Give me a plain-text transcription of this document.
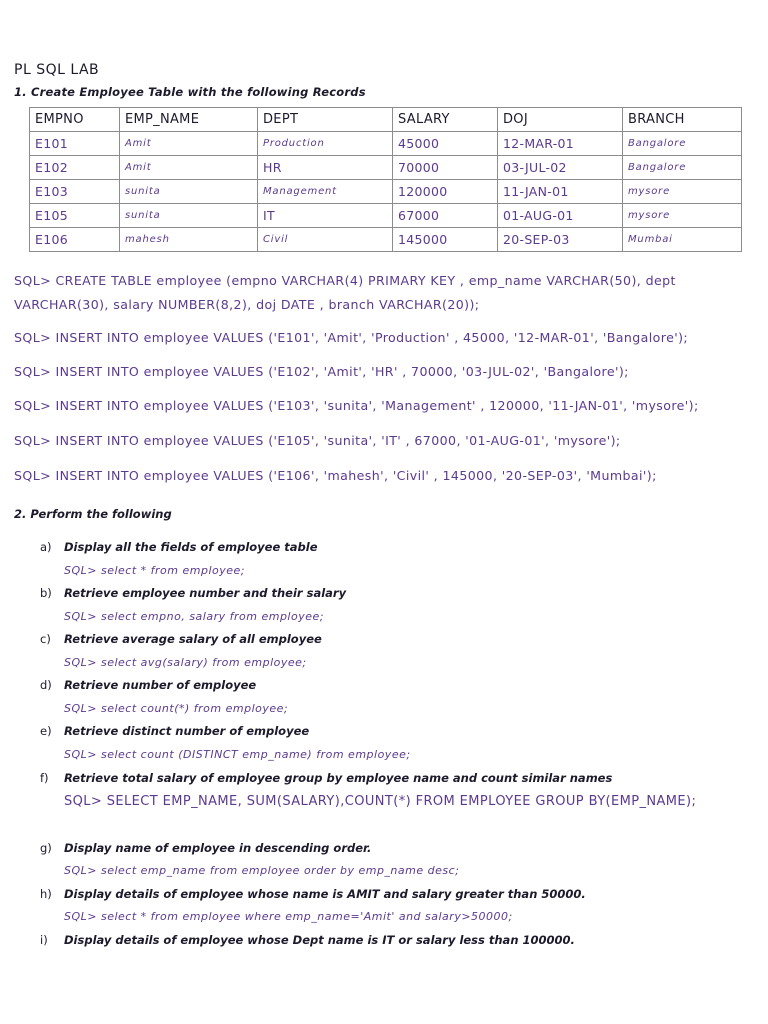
PL SQL LAB
1. Create Employee Table with the following Records
EMPNO	EMP_NAME	DEPT	SALARY	DOJ	BRANCH
E101	Amit	Production	45000	12-MAR-01	Bangalore
E102	Amit	HR	70000	03-JUL-02	Bangalore
E103	sunita	Management	120000	11-JAN-01	mysore
E105	sunita	IT	67000	01-AUG-01	mysore
E106	mahesh	Civil	145000	20-SEP-03	Mumbai
SQL> CREATE TABLE employee (empno VARCHAR(4) PRIMARY KEY , emp_name VARCHAR(50), dept VARCHAR(30), salary NUMBER(8,2), doj DATE , branch VARCHAR(20));
SQL> INSERT INTO employee VALUES ('E101', 'Amit', 'Production' , 45000, '12-MAR-01', 'Bangalore');
SQL> INSERT INTO employee VALUES ('E102', 'Amit', 'HR' , 70000, '03-JUL-02', 'Bangalore');
SQL> INSERT INTO employee VALUES ('E103', 'sunita', 'Management' , 120000, '11-JAN-01', 'mysore');
SQL> INSERT INTO employee VALUES ('E105', 'sunita', 'IT' , 67000, '01-AUG-01', 'mysore');
SQL> INSERT INTO employee VALUES ('E106', 'mahesh', 'Civil' , 145000, '20-SEP-03', 'Mumbai');
2. Perform the following
a) Display all the fields of employee table
SQL> select * from employee;
b) Retrieve employee number and their salary
SQL> select empno, salary from employee;
c) Retrieve average salary of all employee
SQL> select avg(salary) from employee;
d) Retrieve number of employee
SQL> select count(*) from employee;
e) Retrieve distinct number of employee
SQL> select count (DISTINCT emp_name) from employee;
f) Retrieve total salary of employee group by employee name and count similar names
SQL> SELECT EMP_NAME, SUM(SALARY),COUNT(*) FROM EMPLOYEE GROUP BY(EMP_NAME);
g) Display name of employee in descending order.
SQL> select emp_name from employee order by emp_name desc;
h) Display details of employee whose name is AMIT and salary greater than 50000.
SQL> select * from employee where emp_name='Amit' and salary>50000;
i) Display details of employee whose Dept name is IT or salary less than 100000.
